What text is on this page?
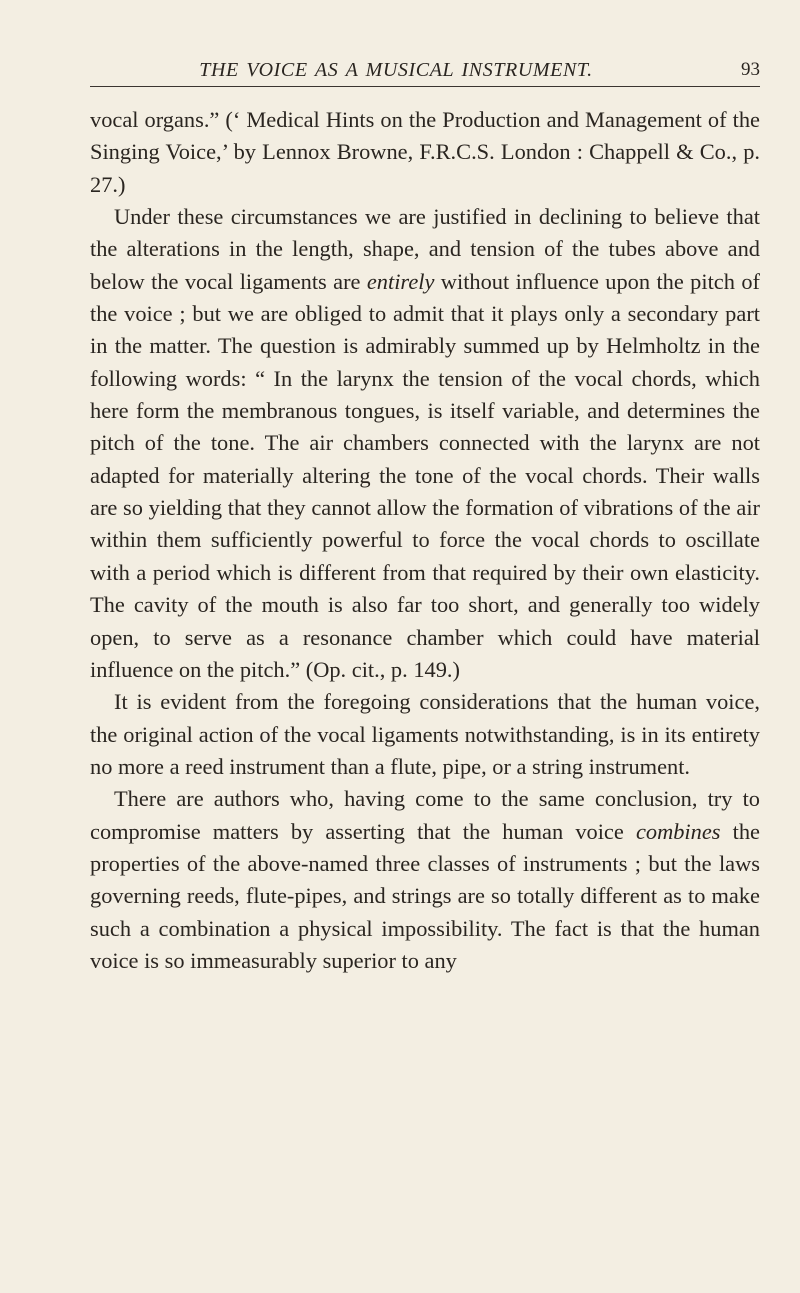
THE VOICE AS A MUSICAL INSTRUMENT.	93

vocal organs.” (‘ Medical Hints on the Production and Management of the Singing Voice,’ by Lennox Browne, F.R.C.S. London : Chappell & Co., p. 27.)

Under these circumstances we are justified in declining to believe that the alterations in the length, shape, and tension of the tubes above and below the vocal ligaments are entirely without influence upon the pitch of the voice ; but we are obliged to admit that it plays only a secondary part in the matter. The question is admirably summed up by Helmholtz in the following words: “ In the larynx the tension of the vocal chords, which here form the membranous tongues, is itself variable, and determines the pitch of the tone. The air chambers connected with the larynx are not adapted for materially altering the tone of the vocal chords. Their walls are so yielding that they cannot allow the formation of vibrations of the air within them sufficiently powerful to force the vocal chords to oscillate with a period which is different from that required by their own elasticity. The cavity of the mouth is also far too short, and generally too widely open, to serve as a resonance chamber which could have material influence on the pitch.” (Op. cit., p. 149.)

It is evident from the foregoing considerations that the human voice, the original action of the vocal ligaments notwithstanding, is in its entirety no more a reed instrument than a flute, pipe, or a string instrument.

There are authors who, having come to the same conclusion, try to compromise matters by asserting that the human voice combines the properties of the above-named three classes of instruments ; but the laws governing reeds, flute-pipes, and strings are so totally different as to make such a combination a physical impossibility. The fact is that the human voice is so immeasurably superior to any
